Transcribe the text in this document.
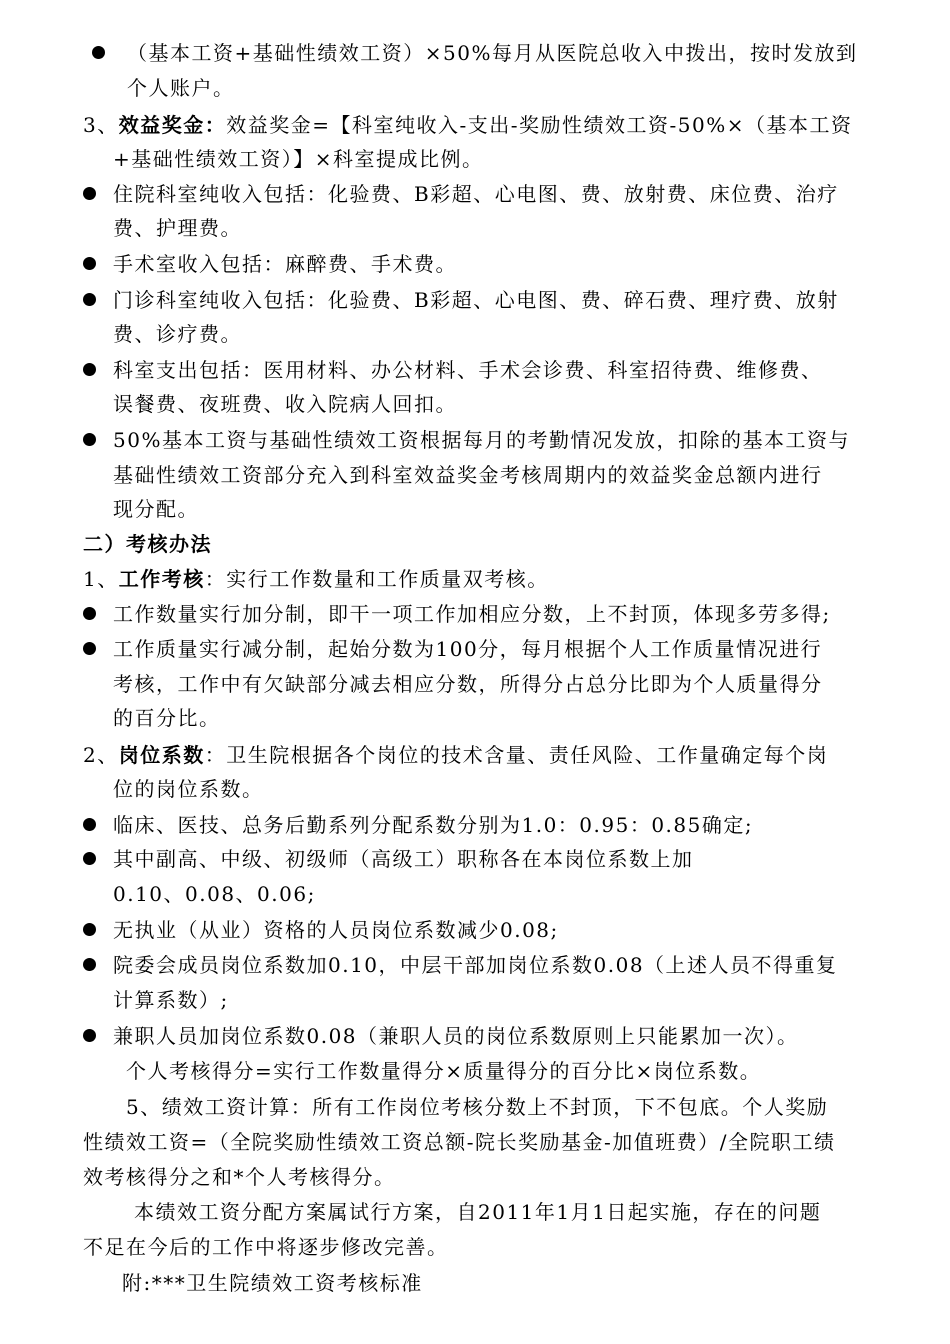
（基本工资+基础性绩效工资）×50%每月从医院总收入中拨出，按时发放到
个人账户。
3、效益奖金：效益奖金=【科室纯收入-支出-奖励性绩效工资-50%×（基本工资
+基础性绩效工资）】×科室提成比例。
住院科室纯收入包括：化验费、B彩超、心电图、费、放射费、床位费、治疗
费、护理费。
手术室收入包括：麻醉费、手术费。
门诊科室纯收入包括：化验费、B彩超、心电图、费、碎石费、理疗费、放射
费、诊疗费。
科室支出包括：医用材料、办公材料、手术会诊费、科室招待费、维修费、
误餐费、夜班费、收入院病人回扣。
50%基本工资与基础性绩效工资根据每月的考勤情况发放，扣除的基本工资与
基础性绩效工资部分充入到科室效益奖金考核周期内的效益奖金总额内进行
现分配。
二）考核办法
1、工作考核：实行工作数量和工作质量双考核。
工作数量实行加分制，即干一项工作加相应分数，上不封顶，体现多劳多得;
工作质量实行减分制，起始分数为100分，每月根据个人工作质量情况进行
考核，工作中有欠缺部分减去相应分数，所得分占总分比即为个人质量得分
的百分比。
2、岗位系数：卫生院根据各个岗位的技术含量、责任风险、工作量确定每个岗
位的岗位系数。
临床、医技、总务后勤系列分配系数分别为1.0：0.95：0.85确定;
其中副高、中级、初级师（高级工）职称各在本岗位系数上加
0.10、0.08、0.06;
无执业（从业）资格的人员岗位系数减少0.08;
院委会成员岗位系数加0.10，中层干部加岗位系数0.08（上述人员不得重复
计算系数）;
兼职人员加岗位系数0.08（兼职人员的岗位系数原则上只能累加一次）。
个人考核得分=实行工作数量得分×质量得分的百分比×岗位系数。
5、绩效工资计算：所有工作岗位考核分数上不封顶，下不包底。个人奖励
性绩效工资=（全院奖励性绩效工资总额-院长奖励基金-加值班费）/全院职工绩
效考核得分之和*个人考核得分。
本绩效工资分配方案属试行方案，自2011年1月1日起实施，存在的问题
不足在今后的工作中将逐步修改完善。
附:***卫生院绩效工资考核标准
